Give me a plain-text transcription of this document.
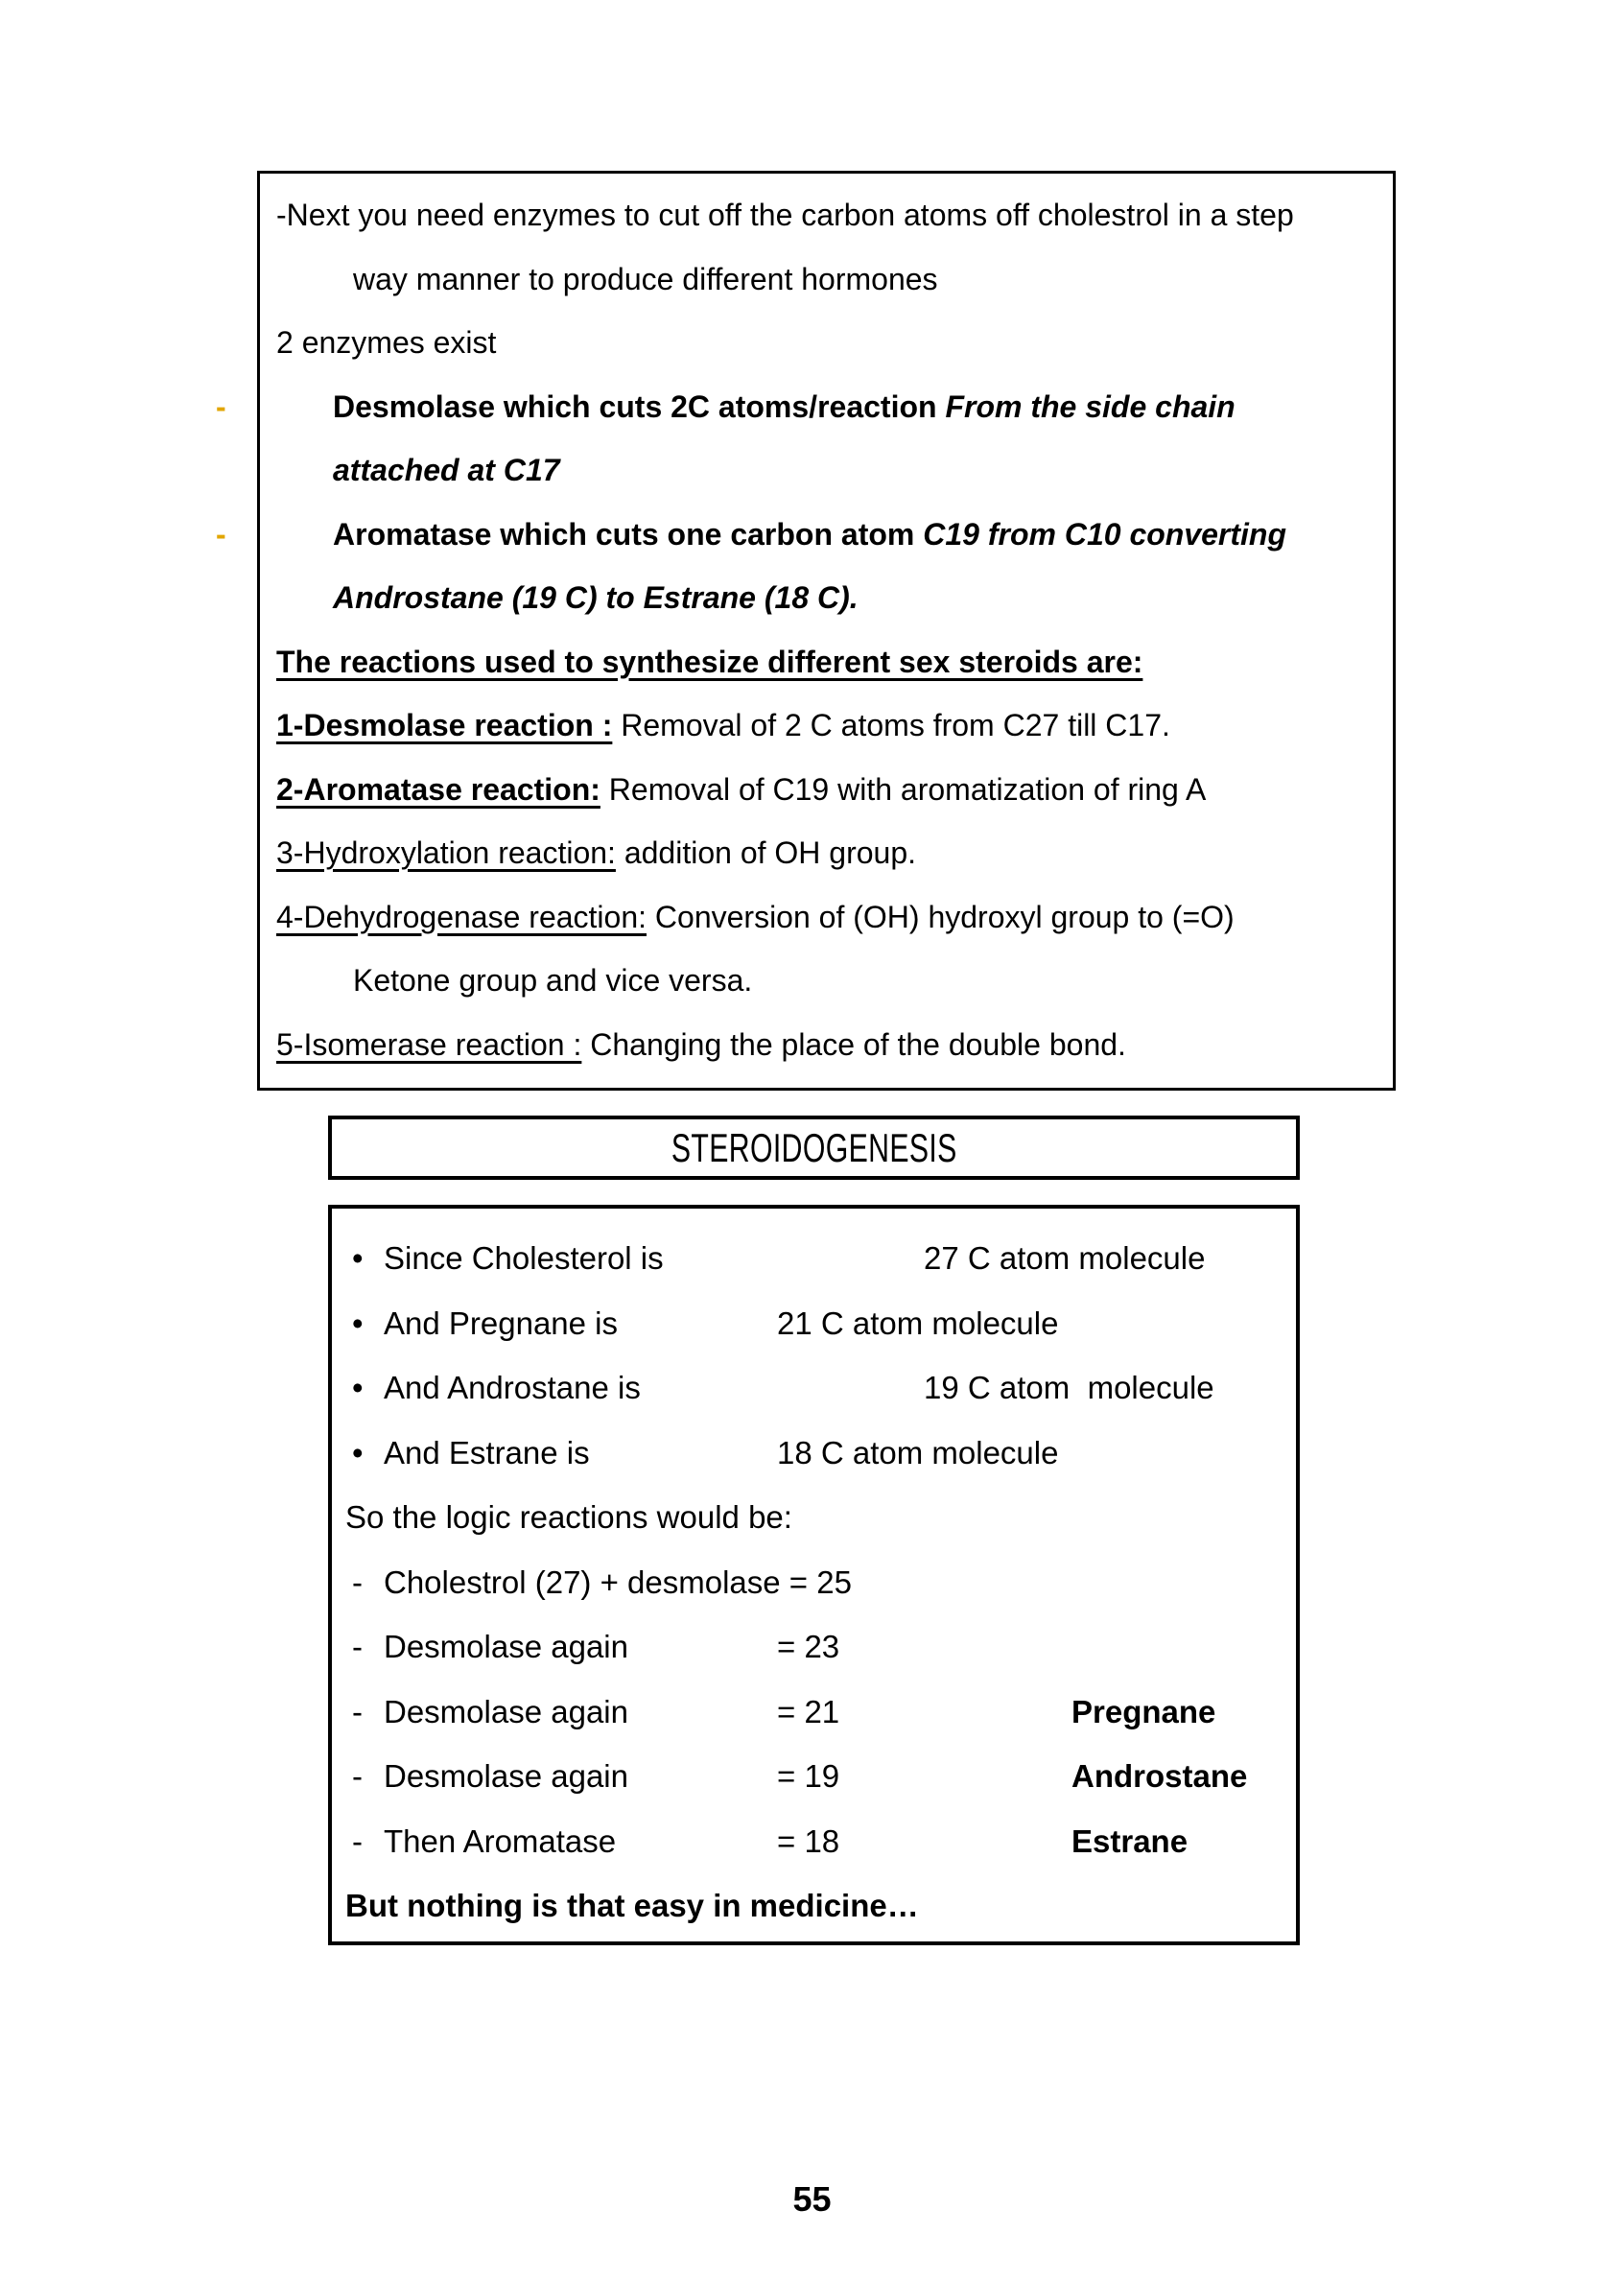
-Next you need enzymes to cut off the carbon atoms off cholestrol in a step
way manner to produce different hormones
2 enzymes exist
-	Desmolase which cuts 2C atoms/reaction From the side chain
attached at C17
-	Aromatase which cuts one carbon atom C19 from C10 converting
Androstane (19 C) to Estrane (18 C).
The reactions used to synthesize different sex steroids are:
1-Desmolase reaction : Removal of 2 C atoms from C27 till C17.
2-Aromatase reaction: Removal of C19 with aromatization of ring A
3-Hydroxylation reaction: addition of OH group.
4-Dehydrogenase reaction: Conversion of (OH) hydroxyl group to (=O)
Ketone group and vice versa.
5-Isomerase reaction : Changing the place of the double bond.
STEROIDOGENESIS
• Since Cholesterol is	27 C atom molecule
• And Pregnane is	21 C atom molecule
• And Androstane is	19 C atom  molecule
• And Estrane is	18 C atom molecule
So the logic reactions would be:
- Cholestrol (27) + desmolase = 25
- Desmolase again	= 23
- Desmolase again	= 21	Pregnane
- Desmolase again	= 19	Androstane
- Then Aromatase	= 18	Estrane
But nothing is that easy in medicine…
55
